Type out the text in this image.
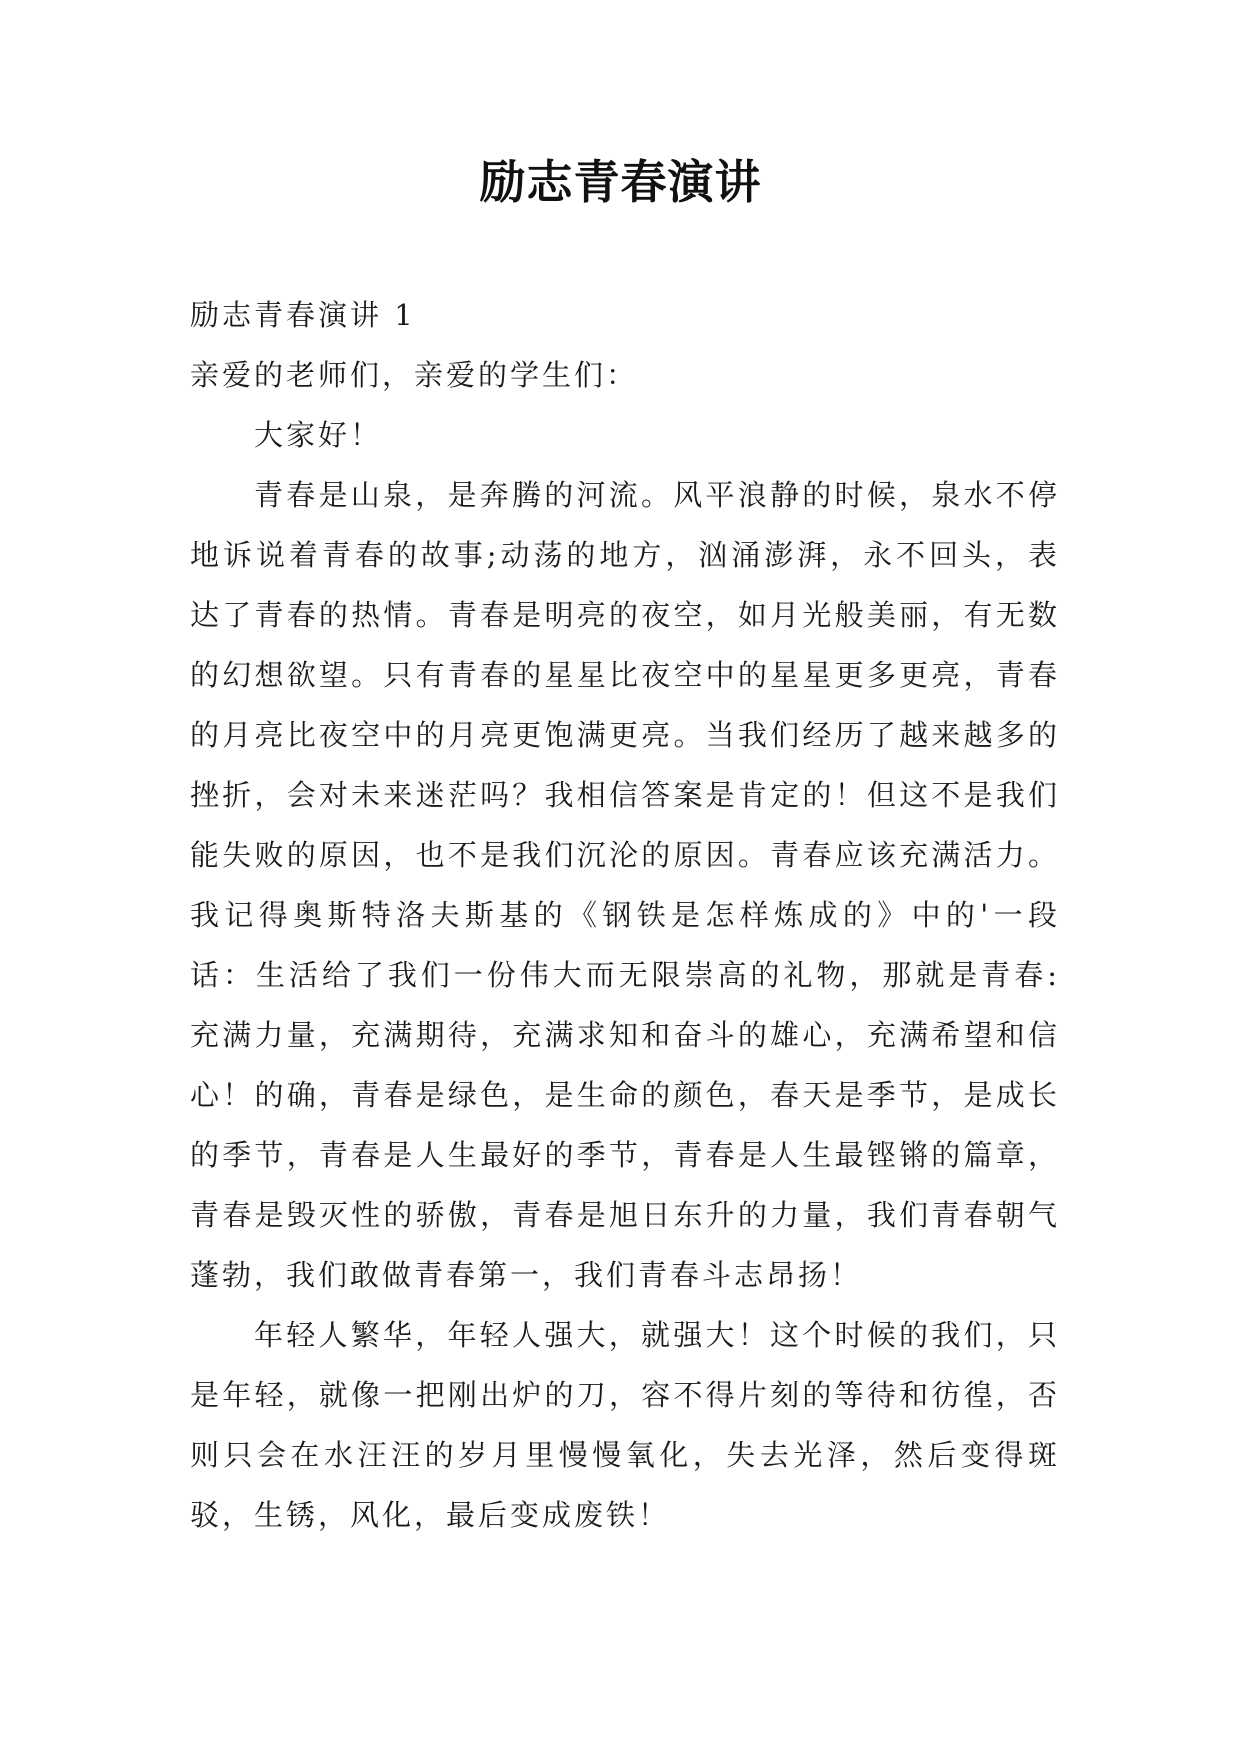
励志青春演讲

励志青春演讲 1

亲爱的老师们，亲爱的学生们：

大家好！

青春是山泉，是奔腾的河流。风平浪静的时候，泉水不停地诉说着青春的故事;动荡的地方，汹涌澎湃，永不回头，表达了青春的热情。青春是明亮的夜空，如月光般美丽，有无数的幻想欲望。只有青春的星星比夜空中的星星更多更亮，青春的月亮比夜空中的月亮更饱满更亮。当我们经历了越来越多的挫折，会对未来迷茫吗？我相信答案是肯定的！但这不是我们能失败的原因，也不是我们沉沦的原因。青春应该充满活力。我记得奥斯特洛夫斯基的《钢铁是怎样炼成的》中的'一段话：生活给了我们一份伟大而无限崇高的礼物，那就是青春:充满力量，充满期待，充满求知和奋斗的雄心，充满希望和信心！的确，青春是绿色，是生命的颜色，春天是季节，是成长的季节，青春是人生最好的季节，青春是人生最铿锵的篇章，青春是毁灭性的骄傲，青春是旭日东升的力量，我们青春朝气蓬勃，我们敢做青春第一，我们青春斗志昂扬！

年轻人繁华，年轻人强大，就强大！这个时候的我们，只是年轻，就像一把刚出炉的刀，容不得片刻的等待和彷徨，否则只会在水汪汪的岁月里慢慢氧化，失去光泽，然后变得斑驳，生锈，风化，最后变成废铁！
